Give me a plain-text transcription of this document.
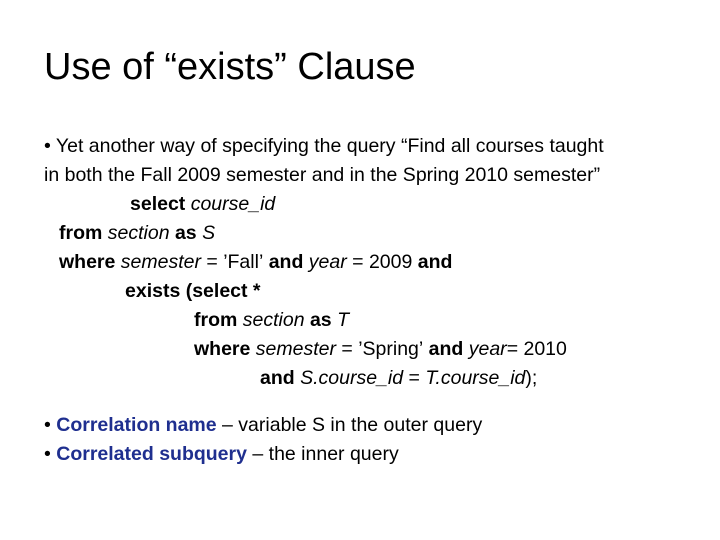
Use of “exists” Clause
• Yet another way of specifying the query “Find all courses taught
in both the Fall 2009 semester and in the Spring 2010 semester”
select course_id
from section as S
where semester = ’Fall’ and year = 2009 and
exists (select *
from section as T
where semester = ’Spring’ and year= 2010
and S.course_id = T.course_id);
• Correlation name – variable S in the outer query
• Correlated subquery – the inner query
